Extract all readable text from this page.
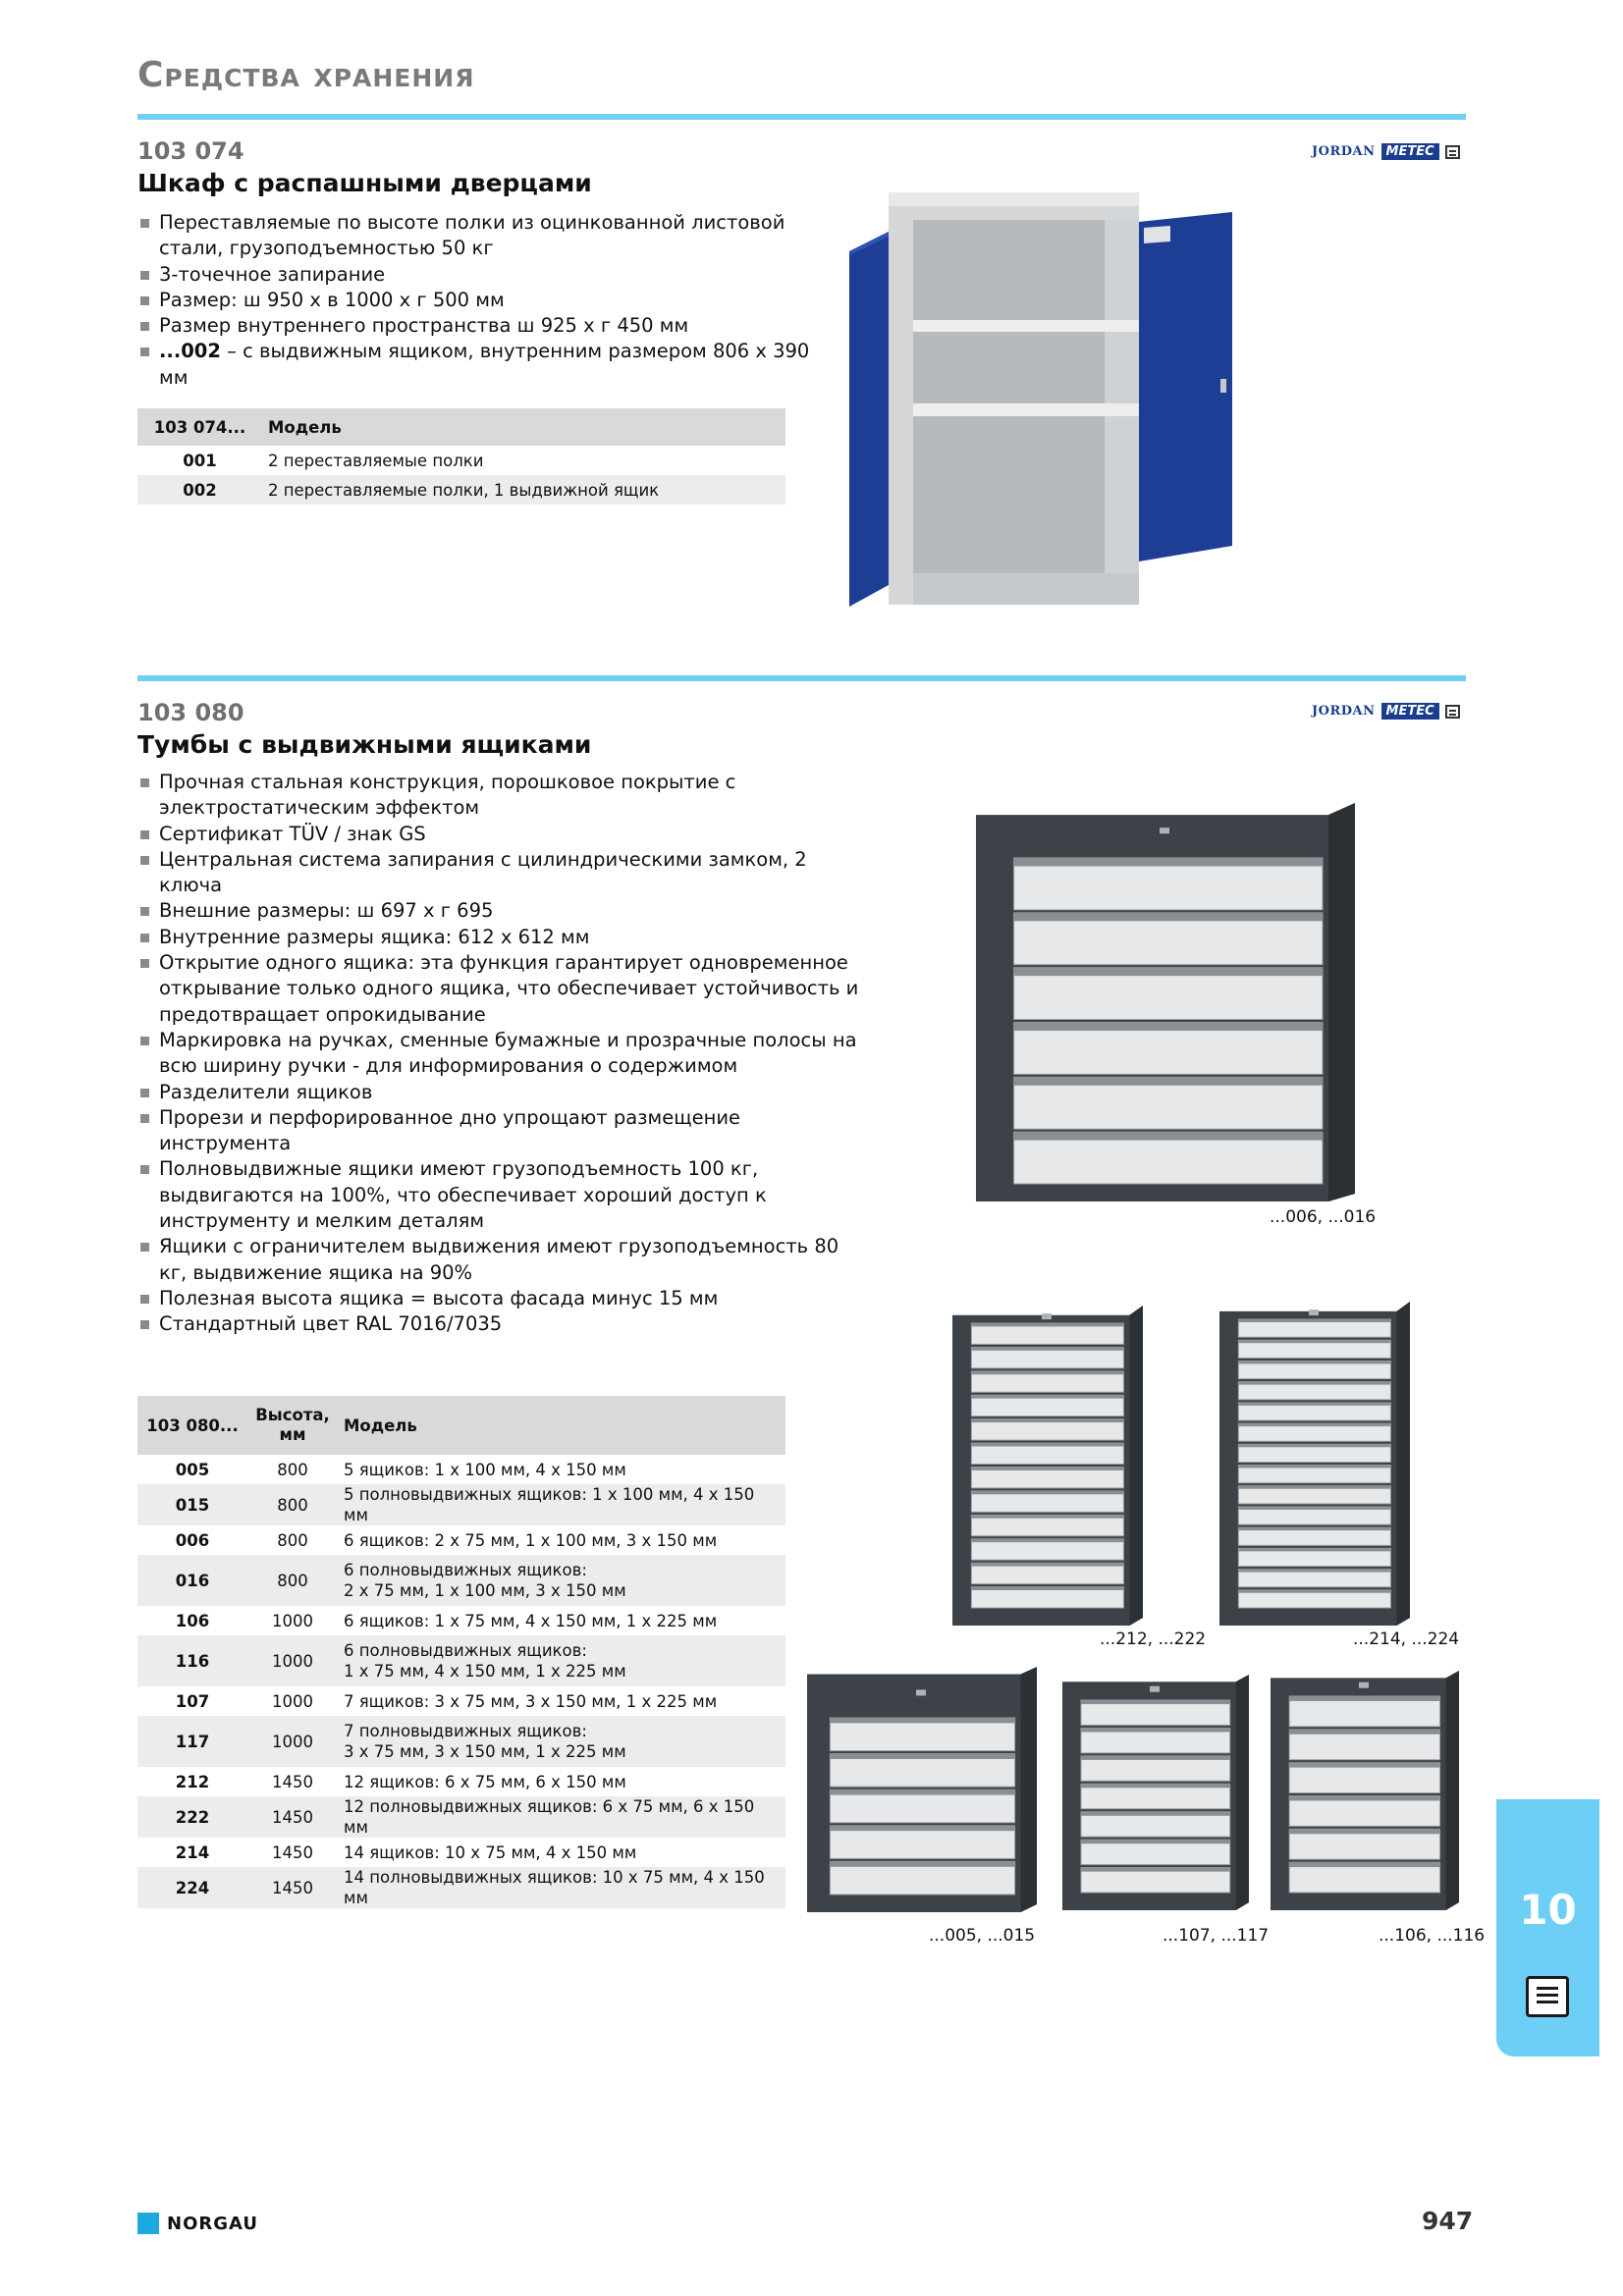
Средства хранения
103 074	JORDAN METEC
Шкаф с распашными дверцами
Переставляемые по высоте полки из оцинкованной листовой стали, грузоподъемностью 50 кг
3-точечное запирание
Размер: ш 950 х в 1000 х г 500 мм
Размер внутреннего пространства ш 925 х г 450 мм
...002 – с выдвижным ящиком, внутренним размером 806 х 390 мм
103 074...	Модель
001	2 переставляемые полки
002	2 переставляемые полки, 1 выдвижной ящик
103 080	JORDAN METEC
Тумбы с выдвижными ящиками
Прочная стальная конструкция, порошковое покрытие с электростатическим эффектом
Сертификат TÜV / знак GS
Центральная система запирания с цилиндрическими замком, 2 ключа
Внешние размеры: ш 697 х г 695
Внутренние размеры ящика: 612 х 612 мм
Открытие одного ящика: эта функция гарантирует одновременное открывание только одного ящика, что обеспечивает устойчивость и предотвращает опрокидывание
Маркировка на ручках, сменные бумажные и прозрачные полосы на всю ширину ручки - для информирования о содержимом
Разделители ящиков
Прорези и перфорированное дно упрощают размещение инструмента
Полновыдвижные ящики имеют грузоподъемность 100 кг, выдвигаются на 100%, что обеспечивает хороший доступ к инструменту и мелким деталям
Ящики с ограничителем выдвижения имеют грузоподъемность 80 кг, выдвижение ящика на 90%
Полезная высота ящика = высота фасада минус 15 мм
Стандартный цвет RAL 7016/7035
103 080...	Высота, мм	Модель
005	800	5 ящиков: 1 х 100 мм, 4 х 150 мм
015	800	5 полновыдвижных ящиков: 1 х 100 мм, 4 х 150 мм
006	800	6 ящиков: 2 х 75 мм, 1 х 100 мм, 3 х 150 мм
016	800	6 полновыдвижных ящиков:
2 х 75 мм, 1 х 100 мм, 3 х 150 мм
106	1000	6 ящиков: 1 х 75 мм, 4 х 150 мм, 1 х 225 мм
116	1000	6 полновыдвижных ящиков:
1 х 75 мм, 4 х 150 мм, 1 х 225 мм
107	1000	7 ящиков: 3 х 75 мм, 3 х 150 мм, 1 х 225 мм
117	1000	7 полновыдвижных ящиков:
3 х 75 мм, 3 х 150 мм, 1 х 225 мм
212	1450	12 ящиков: 6 х 75 мм, 6 х 150 мм
222	1450	12 полновыдвижных ящиков: 6 х 75 мм, 6 х 150 мм
214	1450	14 ящиков: 10 х 75 мм, 4 х 150 мм
224	1450	14 полновыдвижных ящиков: 10 х 75 мм, 4 х 150 мм
...006, ...016
...212, ...222	...214, ...224
...005, ...015	...107, ...117	...106, ...116
10
NORGAU	947
